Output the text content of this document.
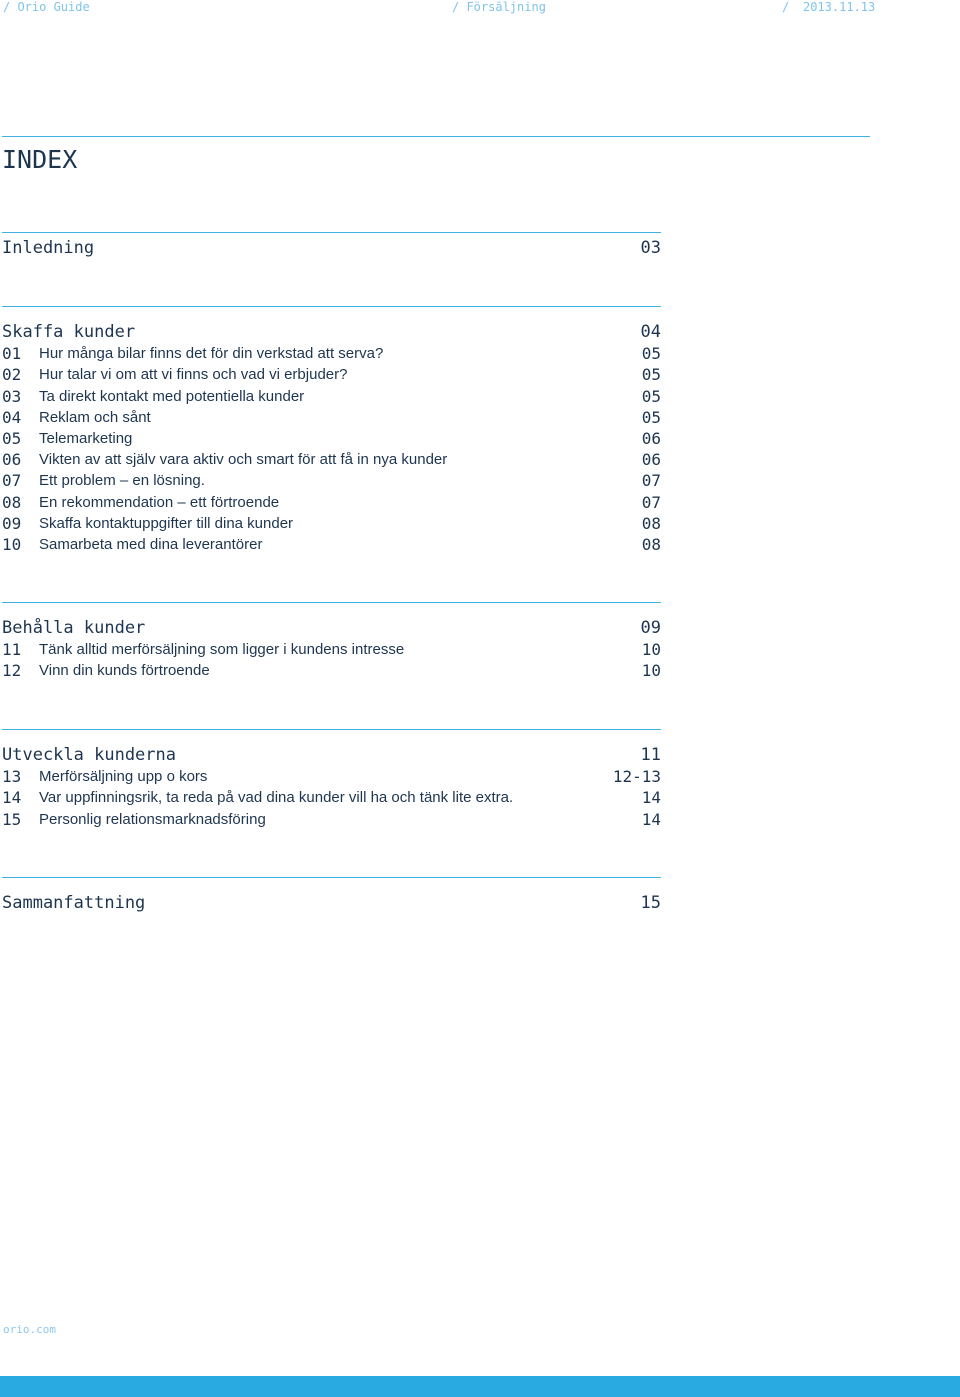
/ Orio Guide	/ Försäljning	/ 2013.11.13
INDEX
Inledning	03
Skaffa kunder	04
01 Hur många bilar finns det för din verkstad att serva?	05
02 Hur talar vi om att vi finns och vad vi erbjuder?	05
03 Ta direkt kontakt med potentiella kunder	05
04 Reklam och sånt	05
05 Telemarketing	06
06 Vikten av att själv vara aktiv och smart för att få in nya kunder	06
07 Ett problem – en lösning.	07
08 En rekommendation – ett förtroende	07
09 Skaffa kontaktuppgifter till dina kunder	08
10 Samarbeta med dina leverantörer	08
Behålla kunder	09
11 Tänk alltid merförsäljning som ligger i kundens intresse	10
12 Vinn din kunds förtroende	10
Utveckla kunderna	11
13 Merförsäljning upp o kors	12-13
14 Var uppfinningsrik, ta reda på vad dina kunder vill ha och tänk lite extra.	14
15 Personlig relationsmarknadsföring	14
Sammanfattning	15
orio.com
